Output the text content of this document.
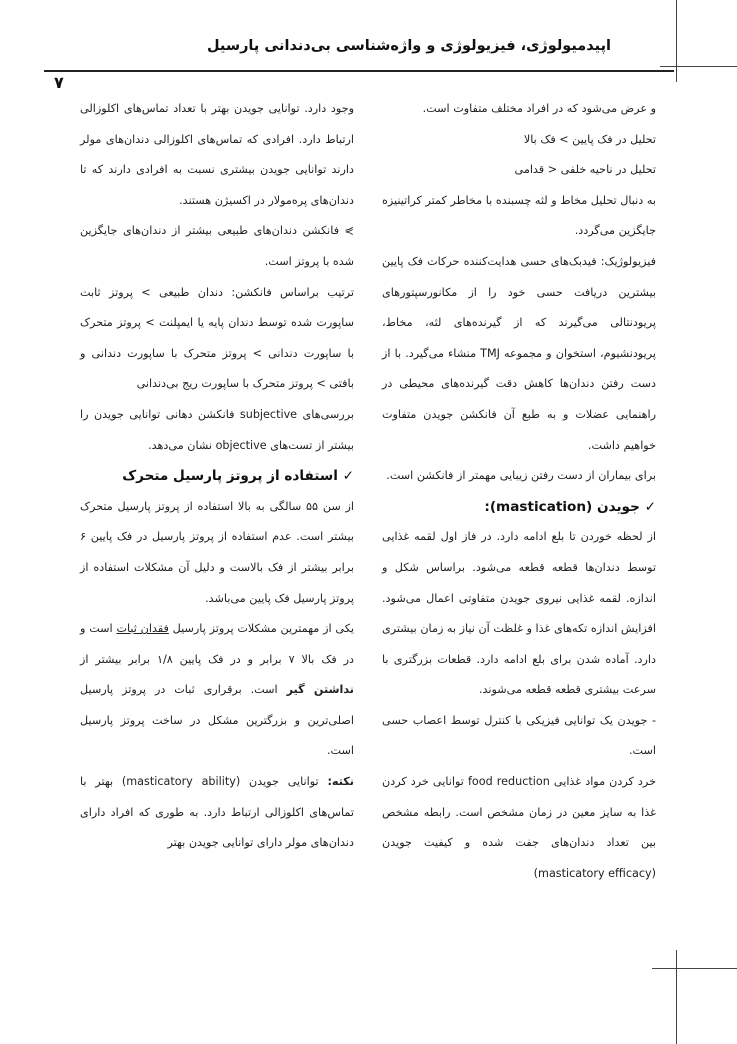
اپیدمیولوژی، فیزیولوژی و واژه‌شناسی بی‌دندانی پارسیل
۷

و عرض می‌شود که در افراد مختلف متفاوت است.

تحلیل در فک پایین > فک بالا

تحلیل در ناحیه خلفی < قدامی

به دنبال تحلیل مخاط و لثه چسبنده با مخاطر کمتر کراتینیزه جایگزین می‌گردد.

فیزیولوژیک: فیدبک‌های حسی هدایت‌کننده حرکات فک پایین بیشترین دریافت حسی خود را از مکانورسپتورهای پریودنتالی می‌گیرند که از گیرنده‌های لثه، مخاط، پریودنشیوم، استخوان و مجموعه TMJ منشاء می‌گیرد. با از دست رفتن دندان‌ها کاهش دقت گیرنده‌های محیطی در راهنمایی عضلات و به طبع آن فانکشن جویدن متفاوت خواهیم داشت.

برای بیماران از دست رفتن زیبایی مهمتر از فانکشن است.

✓ جویدن (mastication):

از لحظه خوردن تا بلع ادامه دارد. در فاز اول لقمه غذایی توسط دندان‌ها قطعه قطعه می‌شود. براساس شکل و اندازه. لقمه غذایی نیروی جویدن متفاوتی اعمال می‌شود. افزایش اندازه تکه‌های غذا و غلظت آن نیاز به زمان بیشتری دارد. آماده شدن برای بلع ادامه دارد. قطعات بزرگتری با سرعت بیشتری قطعه قطعه می‌شوند.

- جویدن یک توانایی فیزیکی با کنترل توسط اعصاب حسی است.

خرد کردن مواد غذایی food reduction توانایی خرد کردن غذا به سایز معین در زمان مشخص است. رابطه مشخص بین تعداد دندان‌های جفت شده و کیفیت جویدن (masticatory efficacy)

وجود دارد. توانایی جویدن بهتر با تعداد تماس‌های اکلوزالی ارتباط دارد. افرادی که تماس‌های اکلوزالی دندان‌های مولر دارند توانایی جویدن بیشتری نسبت به افرادی دارند که تا دندان‌های پره‌مولار در اکسیژن هستند.

⋟ فانکشن دندان‌های طبیعی بیشتر از دندان‌های جایگزین شده با پروتز است.

ترتیب براساس فانکشن: دندان طبیعی > پروتز ثابت ساپورت شده توسط دندان پایه یا ایمپلنت > پروتز متحرک با ساپورت دندانی > پروتز متحرک با ساپورت دندانی و بافتی > پروتز متحرک با ساپورت ریج بی‌دندانی

بررسی‌های subjective فانکشن دهانی توانایی جویدن را بیشتر از تست‌های objective نشان می‌دهد.

✓ استفاده از پروتز پارسیل متحرک

از سن ۵۵ سالگی به بالا استفاده از پروتز پارسیل متحرک بیشتر است. عدم استفاده از پروتز پارسیل در فک پایین ۶ برابر بیشتر از فک بالاست و دلیل آن مشکلات استفاده از پروتز پارسیل فک پایین می‌باشد.

یکی از مهمترین مشکلات پروتز پارسیل فقدان ثبات است و در فک بالا ۷ برابر و در فک پایین ۱/۸ برابر بیشتر از نداشتن گیر است. برقراری ثبات در پروتز پارسیل اصلی‌ترین و بزرگترین مشکل در ساخت پروتز پارسیل است.

نکته: توانایی جویدن (masticatory ability) بهتر با تماس‌های اکلوزالی ارتباط دارد. به طوری که افراد دارای دندان‌های مولر دارای توانایی جویدن بهتر
